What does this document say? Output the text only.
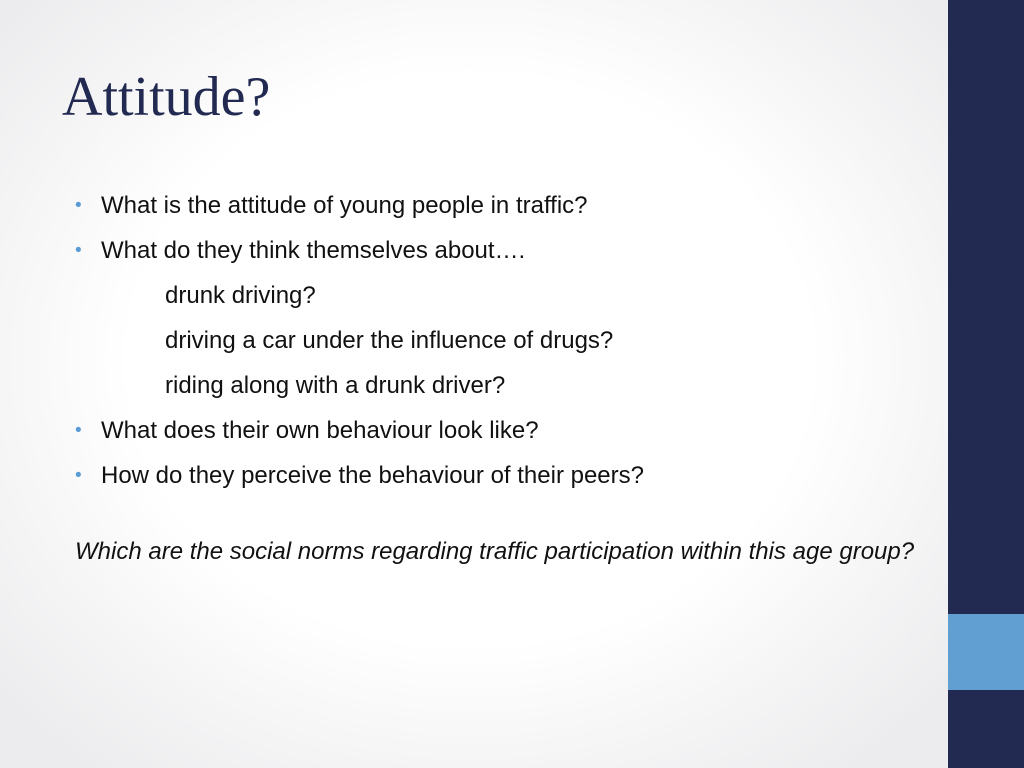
Attitude?
• What is the attitude of young people in traffic?
• What do they think themselves about….
drunk driving?
driving a car under the influence of drugs?
riding along with a drunk driver?
• What does their own behaviour look like?
• How do they perceive the behaviour of their peers?
Which are the social norms regarding traffic participation within this age group?
